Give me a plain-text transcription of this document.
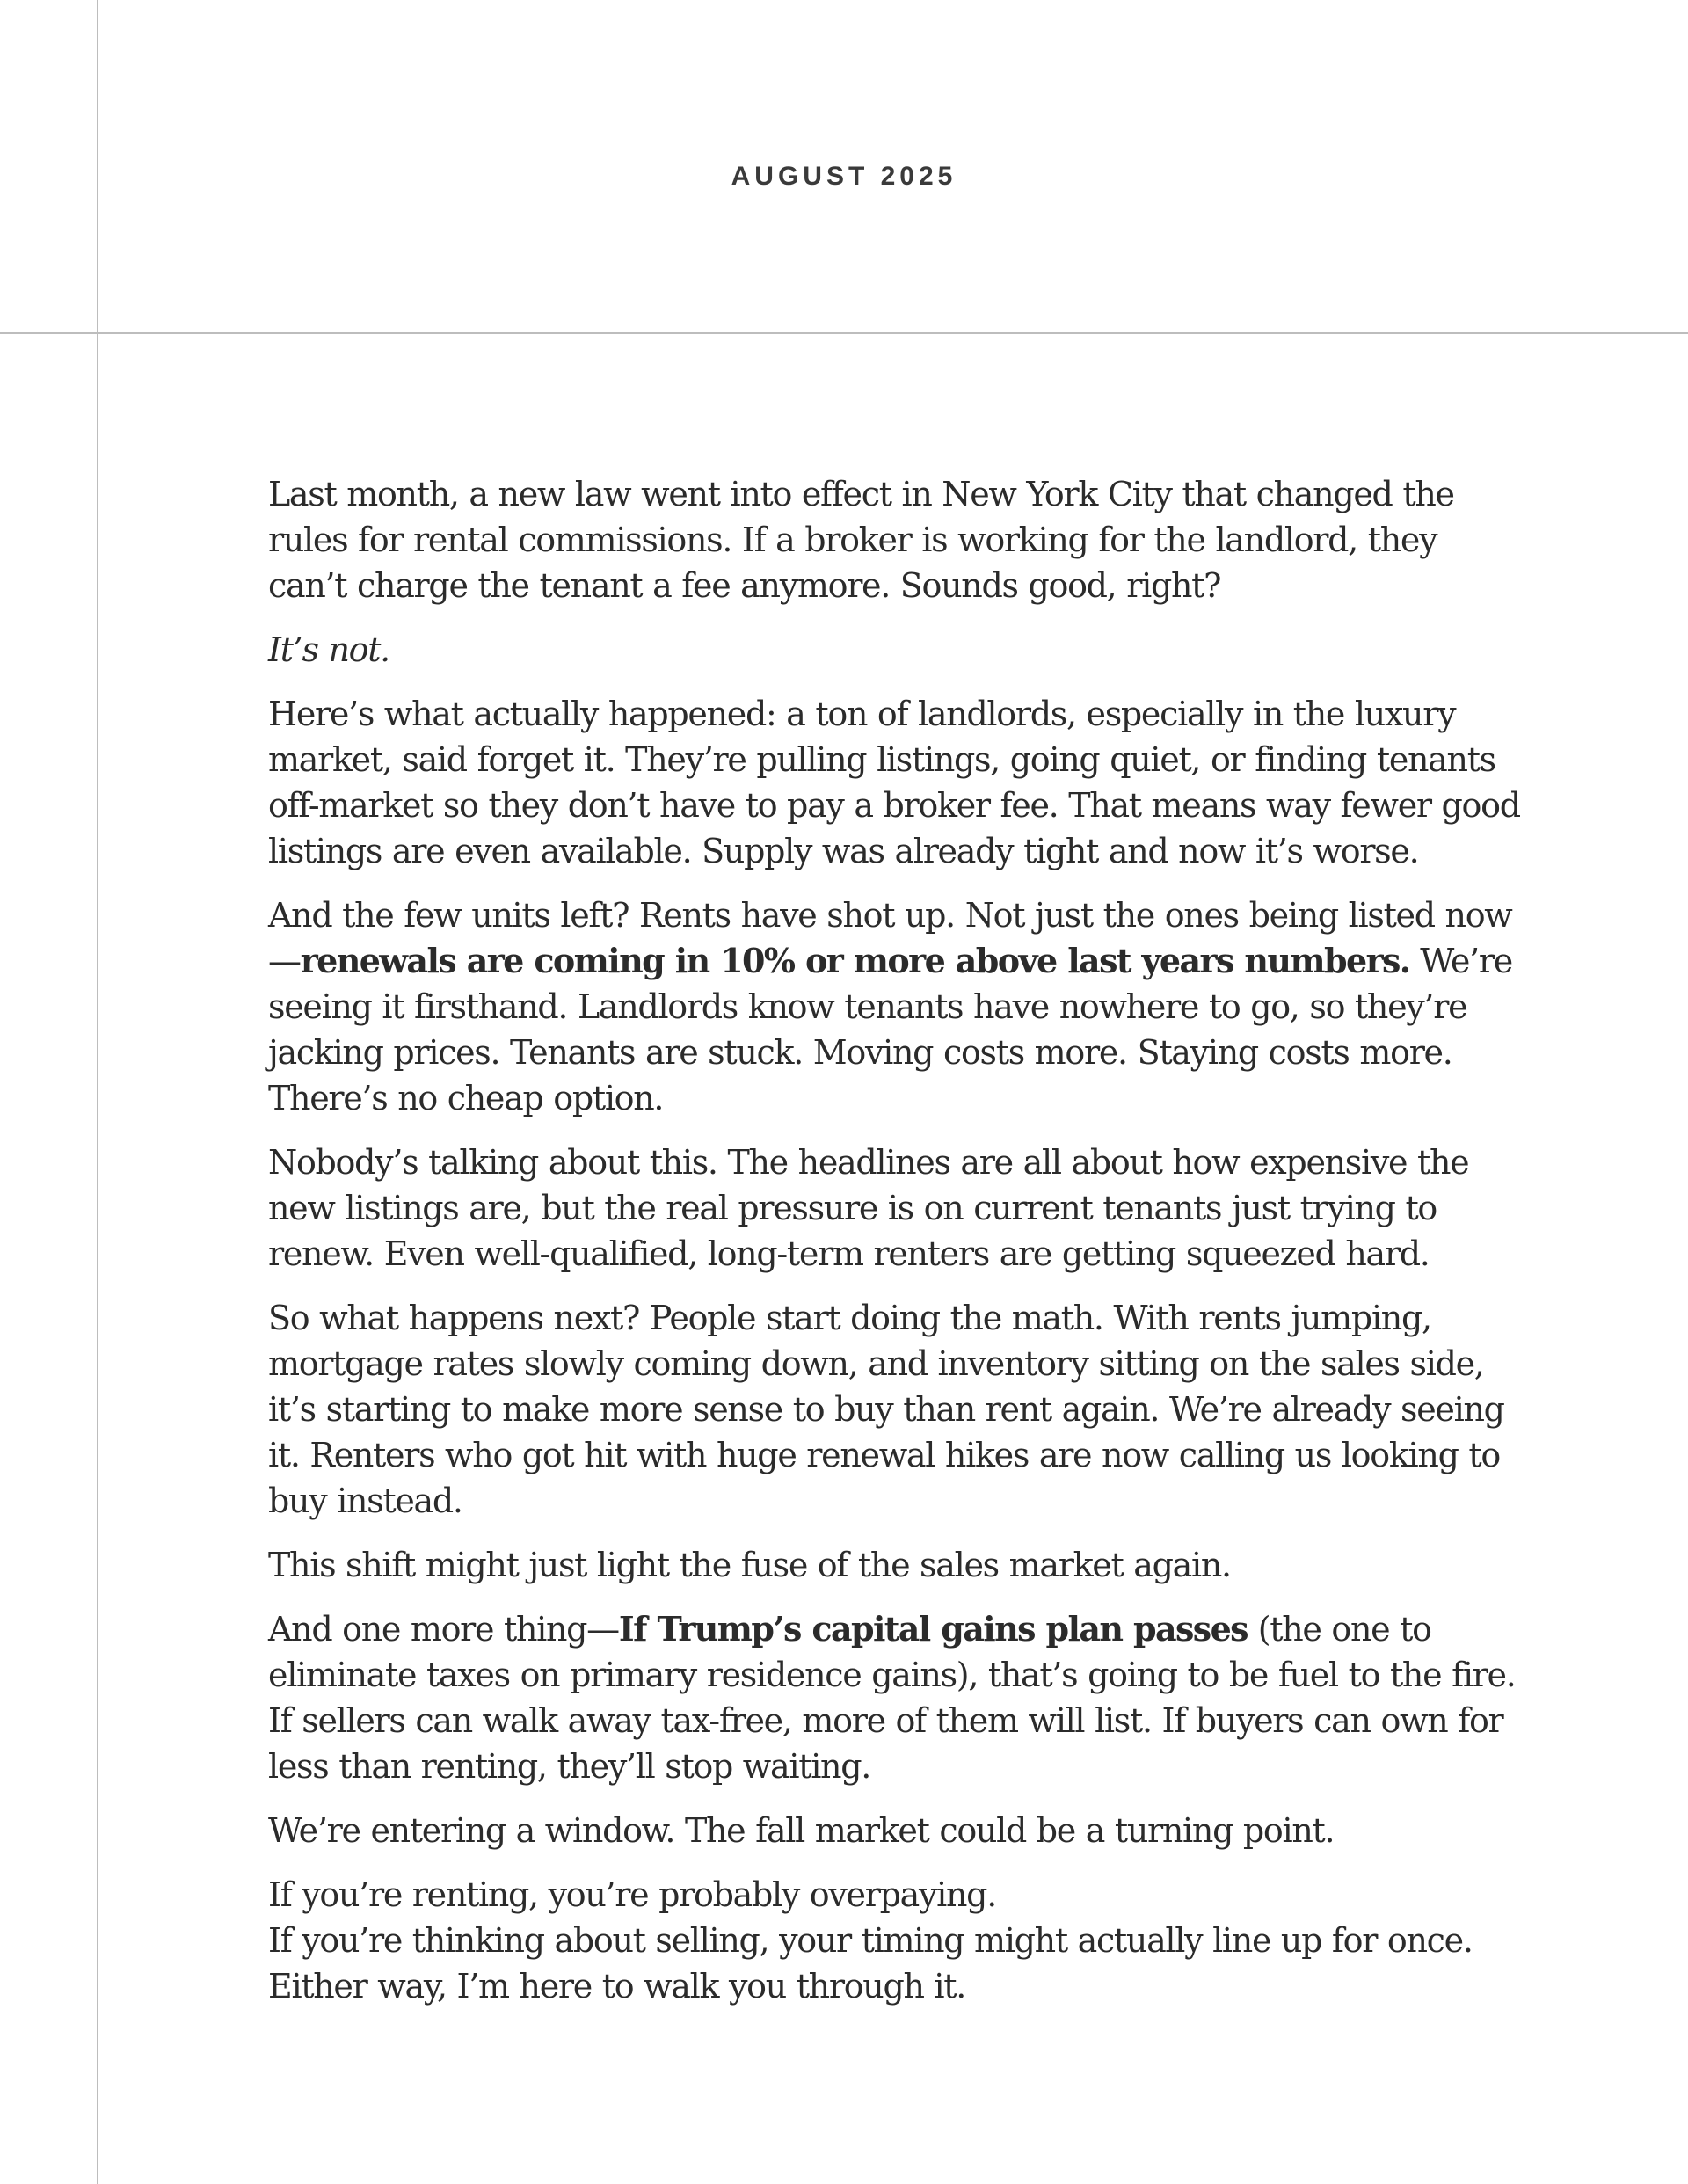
AUGUST 2025

Last month, a new law went into effect in New York City that changed the rules for rental commissions. If a broker is working for the landlord, they can’t charge the tenant a fee anymore. Sounds good, right?

It’s not.

Here’s what actually happened: a ton of landlords, especially in the luxury market, said forget it. They’re pulling listings, going quiet, or finding tenants off-market so they don’t have to pay a broker fee. That means way fewer good listings are even available. Supply was already tight and now it’s worse.

And the few units left? Rents have shot up. Not just the ones being listed now—renewals are coming in 10% or more above last years numbers. We’re seeing it firsthand. Landlords know tenants have nowhere to go, so they’re jacking prices. Tenants are stuck. Moving costs more. Staying costs more. There’s no cheap option.

Nobody’s talking about this. The headlines are all about how expensive the new listings are, but the real pressure is on current tenants just trying to renew. Even well-qualified, long-term renters are getting squeezed hard.

So what happens next? People start doing the math. With rents jumping, mortgage rates slowly coming down, and inventory sitting on the sales side, it’s starting to make more sense to buy than rent again. We’re already seeing it. Renters who got hit with huge renewal hikes are now calling us looking to buy instead.

This shift might just light the fuse of the sales market again.

And one more thing—If Trump’s capital gains plan passes (the one to eliminate taxes on primary residence gains), that’s going to be fuel to the fire. If sellers can walk away tax-free, more of them will list. If buyers can own for less than renting, they’ll stop waiting.

We’re entering a window. The fall market could be a turning point.

If you’re renting, you’re probably overpaying.
If you’re thinking about selling, your timing might actually line up for once.
Either way, I’m here to walk you through it.
